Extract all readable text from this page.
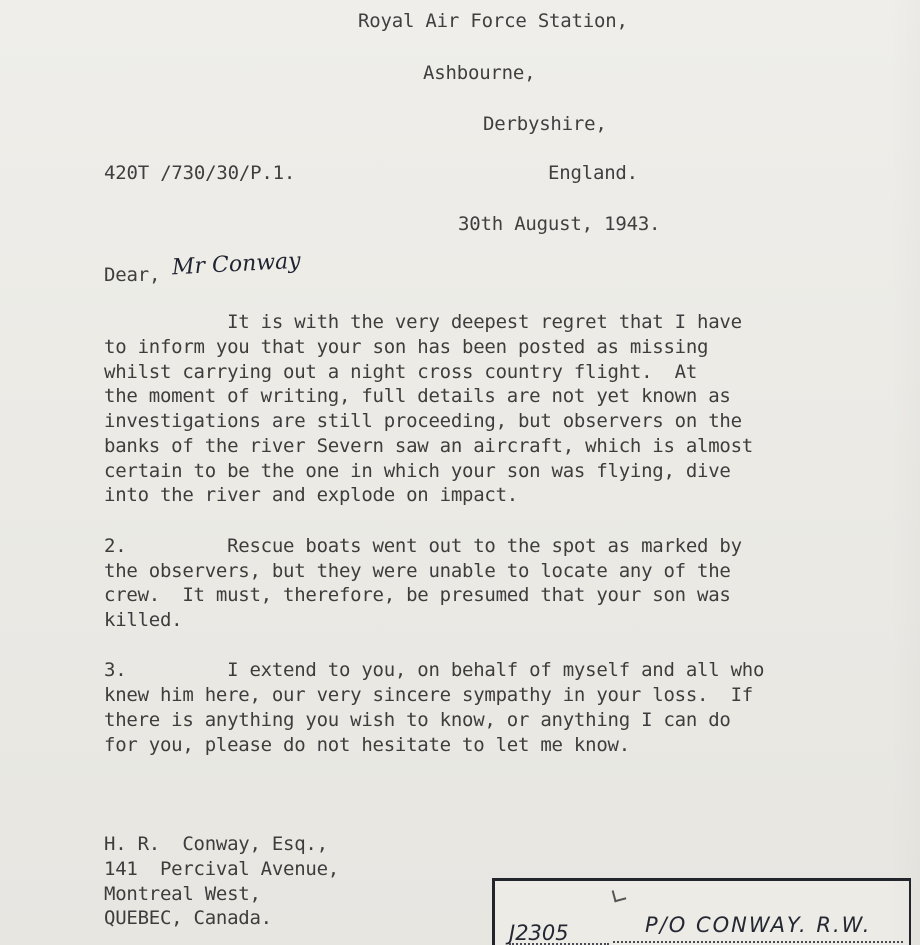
Royal Air Force Station,
Ashbourne,
Derbyshire,
420T /730/30/P.1.	England.
30th August, 1943.
Dear, Mr Conway
It is with the very deepest regret that I have
to inform you that your son has been posted as missing
whilst carrying out a night cross country flight.  At
the moment of writing, full details are not yet known as
investigations are still proceeding, but observers on the
banks of the river Severn saw an aircraft, which is almost
certain to be the one in which your son was flying, dive
into the river and explode on impact.
2.         Rescue boats went out to the spot as marked by
the observers, but they were unable to locate any of the
crew.  It must, therefore, be presumed that your son was
killed.
3.         I extend to you, on behalf of myself and all who
knew him here, our very sincere sympathy in your loss.  If
there is anything you wish to know, or anything I can do
for you, please do not hesitate to let me know.
H. R.  Conway, Esq.,
141  Percival Avenue,
Montreal West,
QUEBEC, Canada.
J2305	P/O CONWAY. R.W.
